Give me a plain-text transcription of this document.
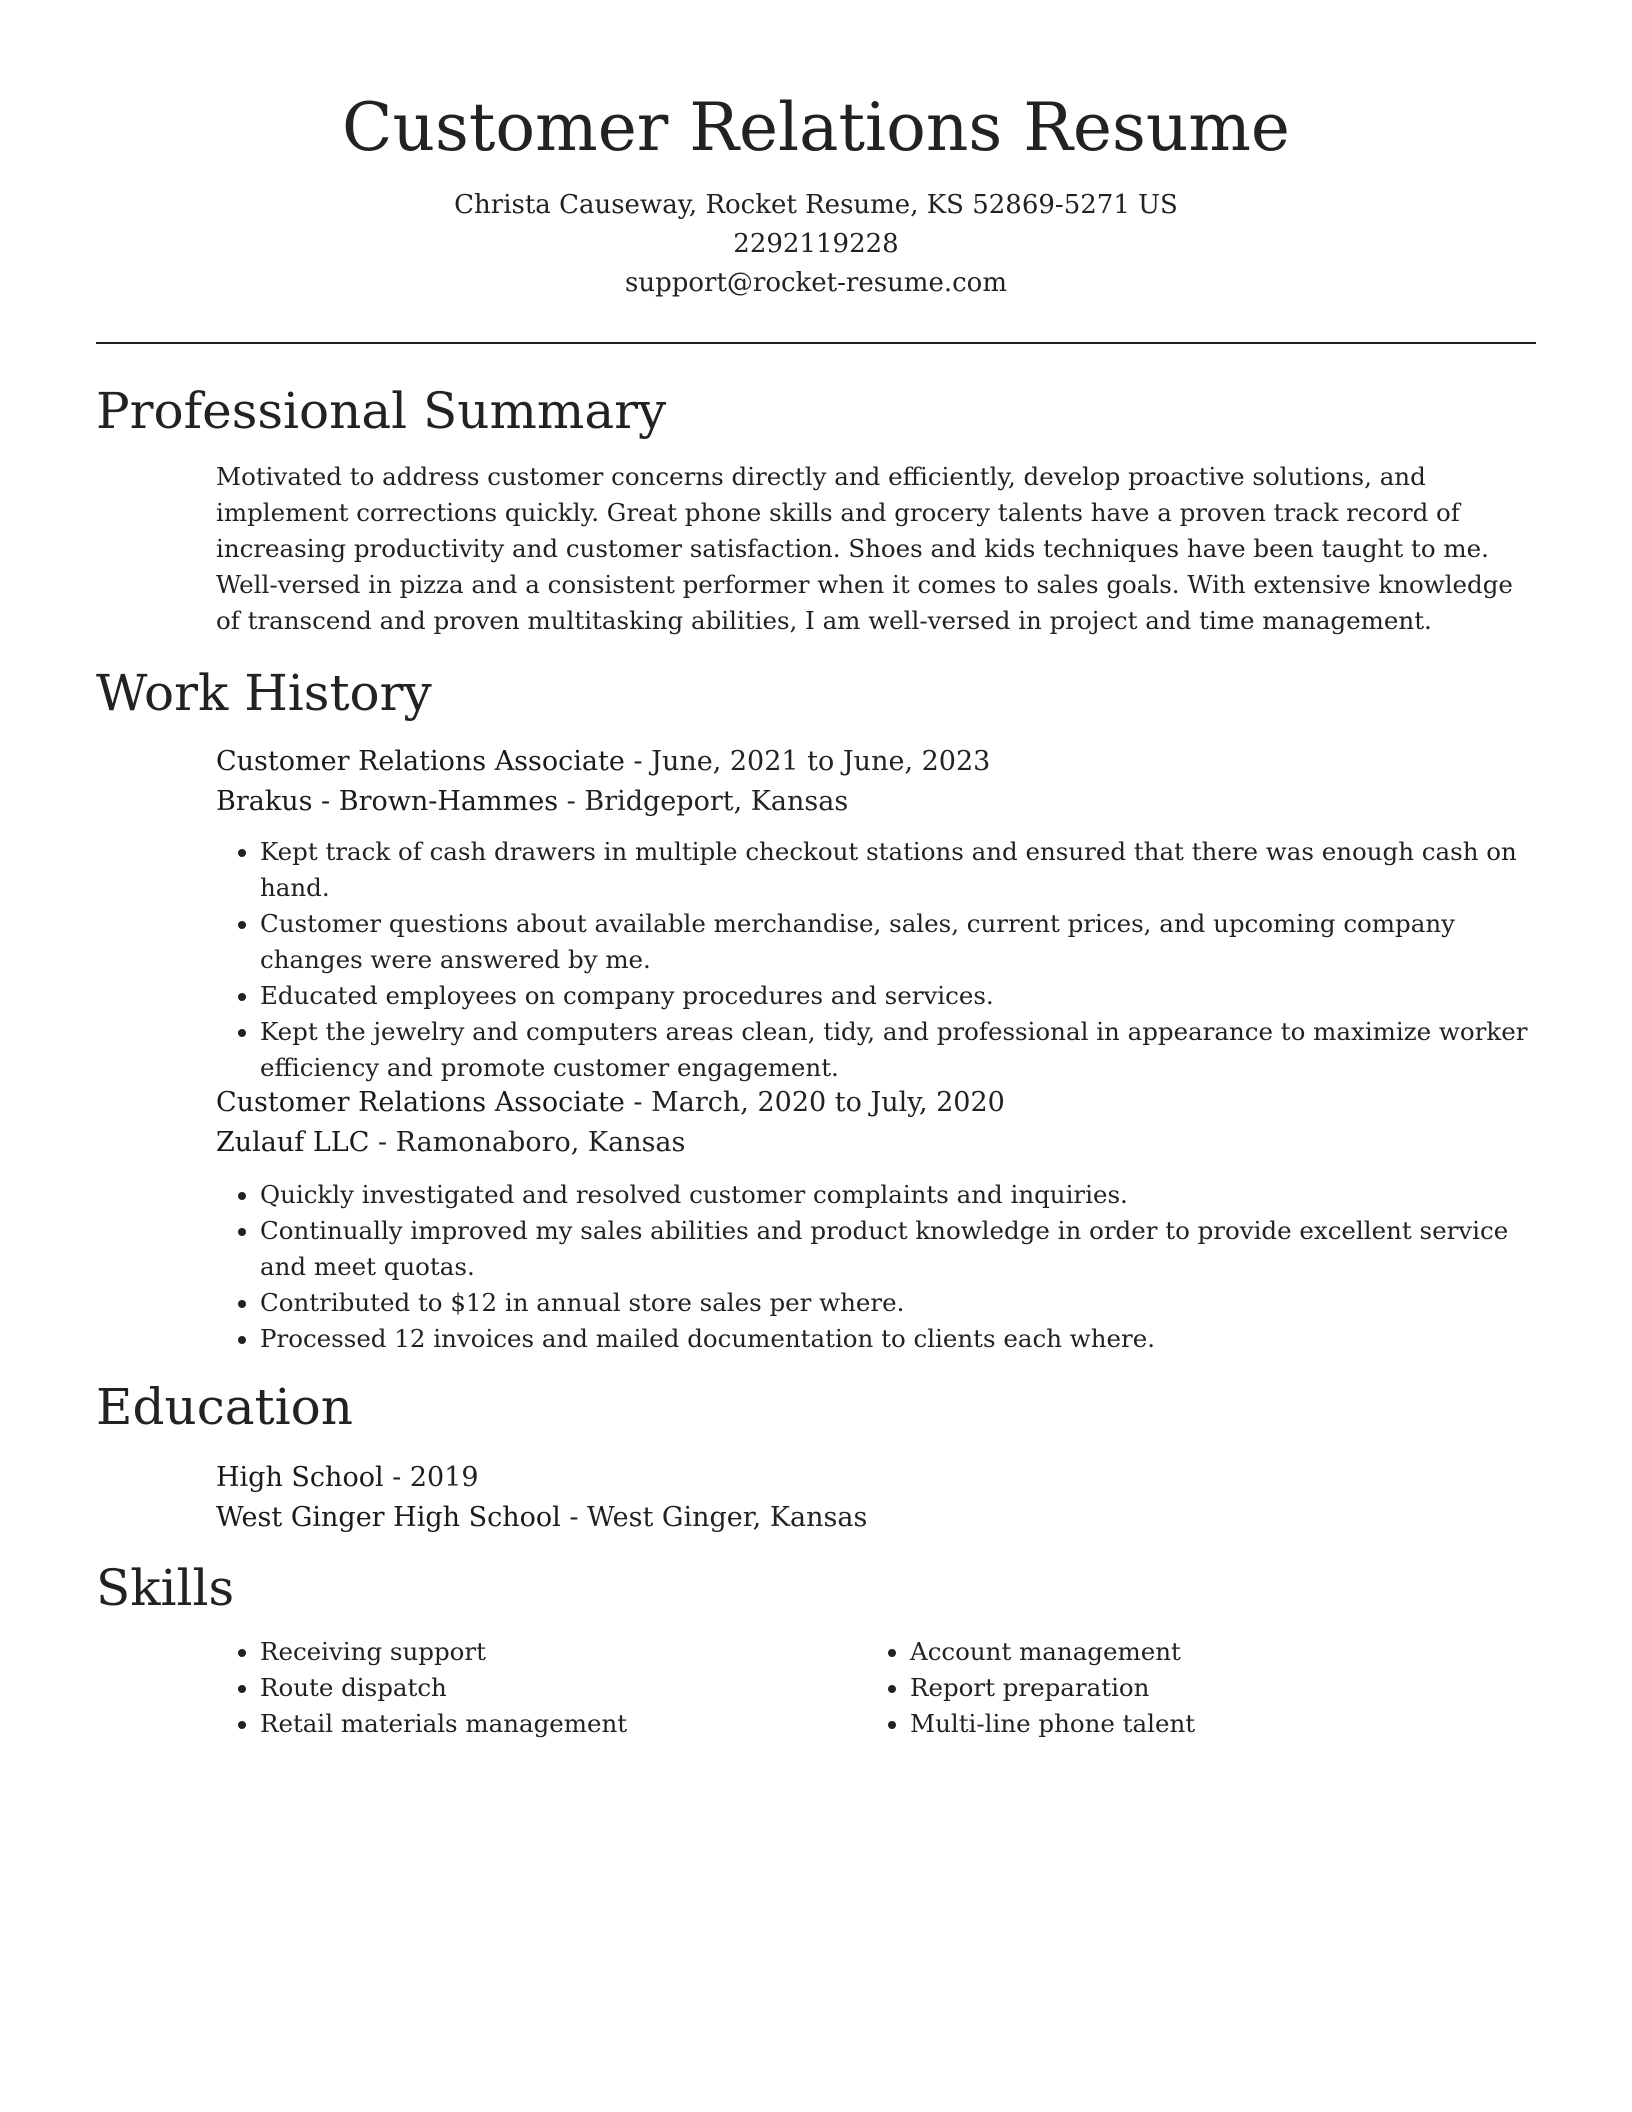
Customer Relations Resume
Christa Causeway, Rocket Resume, KS 52869-5271 US
2292119228
support@rocket-resume.com
Professional Summary

Motivated to address customer concerns directly and efficiently, develop proactive solutions, and implement corrections quickly. Great phone skills and grocery talents have a proven track record of increasing productivity and customer satisfaction. Shoes and kids techniques have been taught to me. Well-versed in pizza and a consistent performer when it comes to sales goals. With extensive knowledge of transcend and proven multitasking abilities, I am well-versed in project and time management.

Work History

Customer Relations Associate - June, 2021 to June, 2023

Brakus - Brown-Hammes - Bridgeport, Kansas

• Kept track of cash drawers in multiple checkout stations and ensured that there was enough cash on hand.
• Customer questions about available merchandise, sales, current prices, and upcoming company changes were answered by me.
• Educated employees on company procedures and services.
• Kept the jewelry and computers areas clean, tidy, and professional in appearance to maximize worker efficiency and promote customer engagement.

Customer Relations Associate - March, 2020 to July, 2020

Zulauf LLC - Ramonaboro, Kansas

• Quickly investigated and resolved customer complaints and inquiries.
• Continually improved my sales abilities and product knowledge in order to provide excellent service and meet quotas.
• Contributed to $12 in annual store sales per where.
• Processed 12 invoices and mailed documentation to clients each where.
Education

High School - 2019

West Ginger High School - West Ginger, Kansas

Skills
• Receiving support
• Route dispatch
• Retail materials management
• Account management
• Report preparation
• Multi-line phone talent
